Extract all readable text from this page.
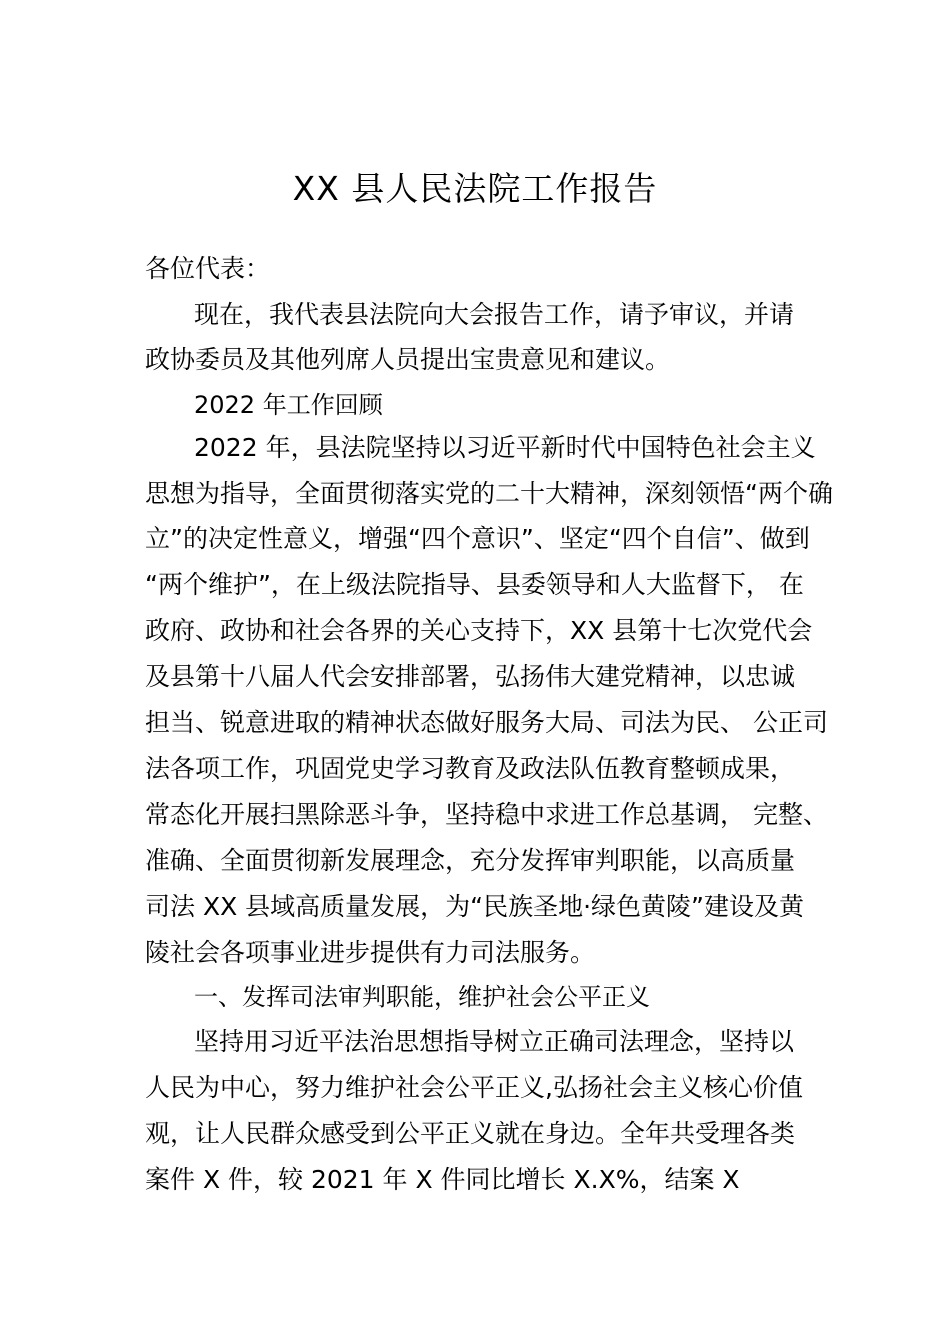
XX 县人民法院工作报告
各位代表：
现在，我代表县法院向大会报告工作，请予审议，并请
政协委员及其他列席人员提出宝贵意见和建议。
2022 年工作回顾
2022 年，县法院坚持以习近平新时代中国特色社会主义
思想为指导，全面贯彻落实党的二十大精神，深刻领悟“两个确
立”的决定性意义，增强“四个意识”、坚定“四个自信”、做到
“两个维护”，在上级法院指导、县委领导和人大监督下， 在
政府、政协和社会各界的关心支持下，XX 县第十七次党代会
及县第十八届人代会安排部署，弘扬伟大建党精神，以忠诚
担当、锐意进取的精神状态做好服务大局、司法为民、 公正司
法各项工作，巩固党史学习教育及政法队伍教育整顿成果，
常态化开展扫黑除恶斗争，坚持稳中求进工作总基调， 完整、
准确、全面贯彻新发展理念，充分发挥审判职能，以高质量
司法 XX 县域高质量发展，为“民族圣地·绿色黄陵”建设及黄
陵社会各项事业进步提供有力司法服务。
一、发挥司法审判职能，维护社会公平正义
坚持用习近平法治思想指导树立正确司法理念，坚持以
人民为中心，努力维护社会公平正义,弘扬社会主义核心价值
观，让人民群众感受到公平正义就在身边。全年共受理各类
案件 X 件，较 2021 年 X 件同比增长 X.X%，结案 X
